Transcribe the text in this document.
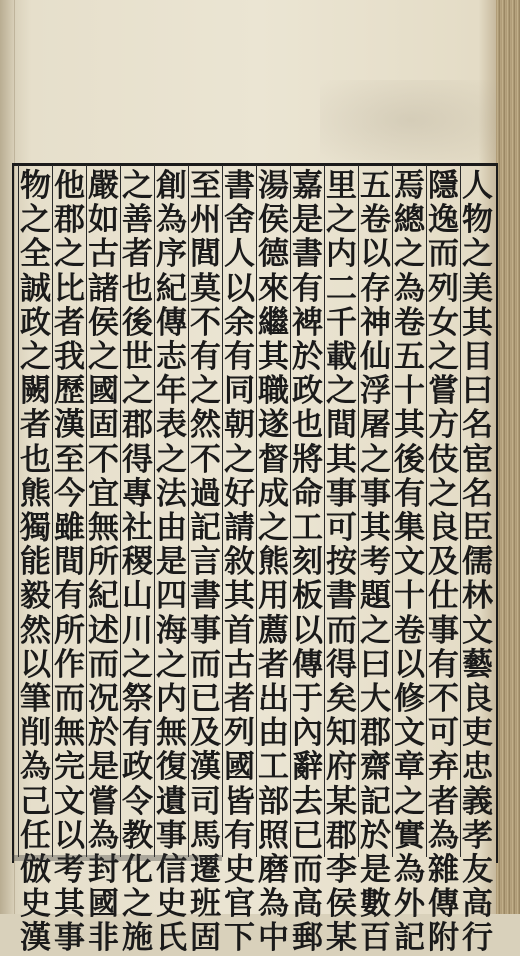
人
物
之
美
其
目
曰
名
宦
名
臣
儒
林
文
藝
良
吏
忠
義
孝
友
高
行
隱
逸
而
列
女
之
嘗
方
伎
之
良
及
仕
事
有
不
可
弃
者
為
雜
傳
附
焉
總
之
為
卷
五
十
其
後
有
集
文
十
卷
以
修
文
章
之
實
為
外
記
五
卷
以
存
神
仙
浮
屠
之
事
其
考
題
之
曰
大
郡
齋
記
於
是
數
百
里
之
内
二
千
載
之
間
其
事
可
按
書
而
得
矣
知
府
某
郡
李
侯
某
嘉
是
書
有
裨
於
政
也
將
命
工
刻
板
以
傳
于
內
辭
去
已
而
高
郵
湯
侯
德
來
繼
其
職
遂
督
成
之
熊
用
薦
者
出
由
工
部
照
磨
為
中
書
舍
人
以
余
有
同
朝
之
好
請
敘
其
首
古
者
列
國
皆
有
史
官
下
至
州
閭
莫
不
有
之
然
不
過
記
言
書
事
而
已
及
漢
司
馬
遷
班
固
創
為
序
紀
傳
志
年
表
之
法
由
是
四
海
之
内
無
復
遺
事
信
史
氏
之
善
者
也
後
世
之
郡
得
專
社
稷
山
川
之
祭
有
政
令
教
化
之
施
嚴
如
古
諸
侯
之
國
固
不
宜
無
所
紀
述
而
况
於
是
嘗
為
封
國
非
他
郡
之
比
者
我
歷
漢
至
今
雖
間
有
所
作
而
無
完
文
以
考
其
事
物
之
全
誠
政
之
闕
者
也
熊
獨
能
毅
然
以
筆
削
為
己
任
倣
史
漢
